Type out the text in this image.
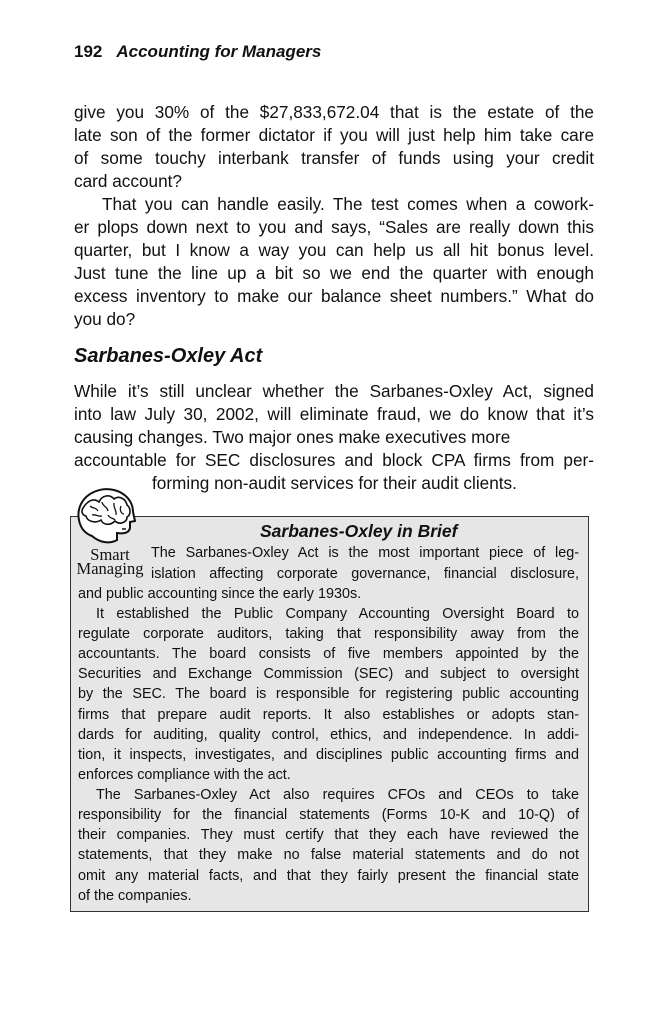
192 Accounting for Managers
give you 30% of the $27,833,672.04 that is the estate of the
late son of the former dictator if you will just help him take care
of some touchy interbank transfer of funds using your credit
card account?
That you can handle easily. The test comes when a cowork-
er plops down next to you and says, “Sales are really down this
quarter, but I know a way you can help us all hit bonus level.
Just tune the line up a bit so we end the quarter with enough
excess inventory to make our balance sheet numbers.” What do
you do?
Sarbanes-Oxley Act
While it’s still unclear whether the Sarbanes-Oxley Act, signed
into law July 30, 2002, will eliminate fraud, we do know that it’s
causing changes. Two major ones make executives more
accountable for SEC disclosures and block CPA firms from per-
forming non-audit services for their audit clients.
Smart
Managing
Sarbanes-Oxley in Brief
The Sarbanes-Oxley Act is the most important piece of leg-
islation affecting corporate governance, financial disclosure,
and public accounting since the early 1930s.
It established the Public Company Accounting Oversight Board to
regulate corporate auditors, taking that responsibility away from the
accountants. The board consists of five members appointed by the
Securities and Exchange Commission (SEC) and subject to oversight
by the SEC. The board is responsible for registering public accounting
firms that prepare audit reports. It also establishes or adopts stan-
dards for auditing, quality control, ethics, and independence. In addi-
tion, it inspects, investigates, and disciplines public accounting firms and
enforces compliance with the act.
The Sarbanes-Oxley Act also requires CFOs and CEOs to take
responsibility for the financial statements (Forms 10-K and 10-Q) of
their companies. They must certify that they each have reviewed the
statements, that they make no false material statements and do not
omit any material facts, and that they fairly present the financial state
of the companies.
